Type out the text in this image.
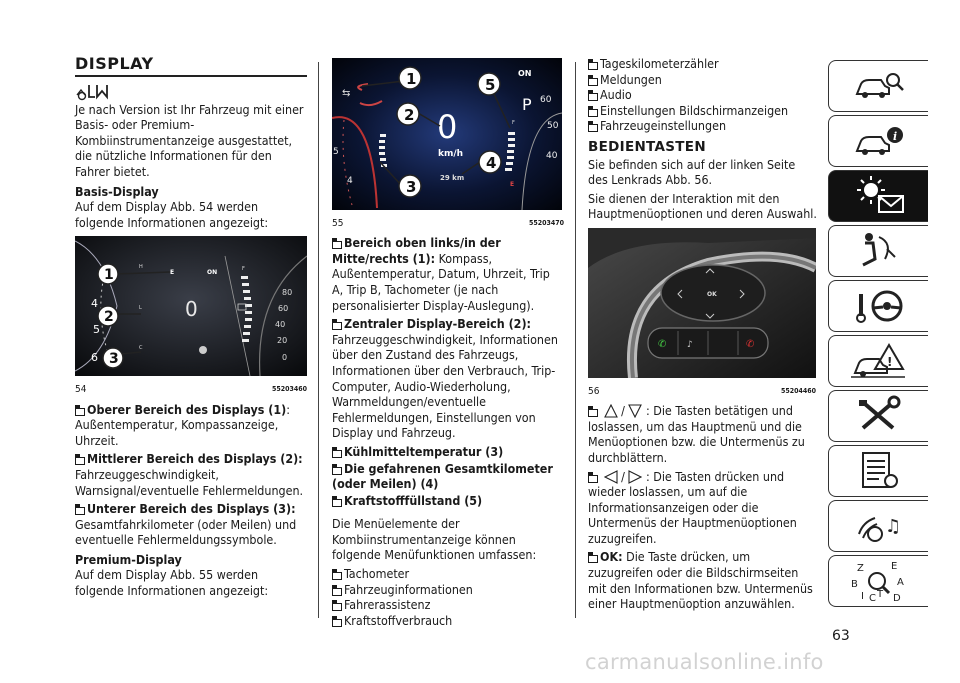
DISPLAY

Je nach Version ist Ihr Fahrzeug mit einer Basis- oder Premium-Kombiinstrumentanzeige ausgestattet, die nützliche Informationen für den Fahrer bietet.

Basis-Display

Auf dem Display Abb. 54 werden folgende Informationen angezeigt:

80
60
40
20
0
4
5
6
H
E	ON	F
L
C
0
1
2
3
54	55203460

Oberer Bereich des Displays (1): Außentemperatur, Kompassanzeige, Uhrzeit.

Mittlerer Bereich des Displays (2): Fahrzeuggeschwindigkeit, Warnsignal/eventuelle Fehlermeldungen.

Unterer Bereich des Displays (3): Gesamtfahrkilometer (oder Meilen) und eventuelle Fehlermeldungssymbole.

Premium-Display

Auf dem Display Abb. 55 werden folgende Informationen angezeigt:

⇆
5
4
ON
P
F
E
50
60
40
0
km/h
29 km
1
2
3
4
5
55	55203470

Bereich oben links/in der Mitte/rechts (1): Kompass, Außentemperatur, Datum, Uhrzeit, Trip A, Trip B, Tachometer (je nach personalisierter Display-Auslegung).

Zentraler Display-Bereich (2): Fahrzeuggeschwindigkeit, Informationen über den Zustand des Fahrzeugs, Informationen über den Verbrauch, Trip-Computer, Audio-Wiederholung, Warnmeldungen/eventuelle Fehlermeldungen, Einstellungen von Display und Fahrzeug.

Kühlmitteltemperatur (3)

Die gefahrenen Gesamtkilometer (oder Meilen) (4)

Kraftstofffüllstand (5)

Die Menüelemente der Kombiinstrumentanzeige können folgende Menüfunktionen umfassen:

Tachometer
Fahrzeuginformationen
Fahrerassistenz
Kraftstoffverbrauch
Tageskilometerzähler
Meldungen
Audio
Einstellungen Bildschirmanzeigen
Fahrzeugeinstellungen
BEDIENTASTEN

Sie befinden sich auf der linken Seite des Lenkrads Abb. 56.

Sie dienen der Interaktion mit den Hauptmenüoptionen und deren Auswahl.

OK
✆ ♪	✆
56	55204460

/ : Die Tasten betätigen und loslassen, um das Hauptmenü und die Menüoptionen bzw. die Untermenüs zu durchblättern.

/ : Die Tasten drücken und wieder loslassen, um auf die Informationsanzeigen oder die Untermenüs der Hauptmenüoptionen zuzugreifen.

OK: Die Taste drücken, um zuzugreifen oder die Bildschirmseiten mit den Informationen bzw. Untermenüs einer Hauptmenüoption anzuwählen.

i
!
♫
Z	E
B	A
I C T D
63
carmanualsonline.info
